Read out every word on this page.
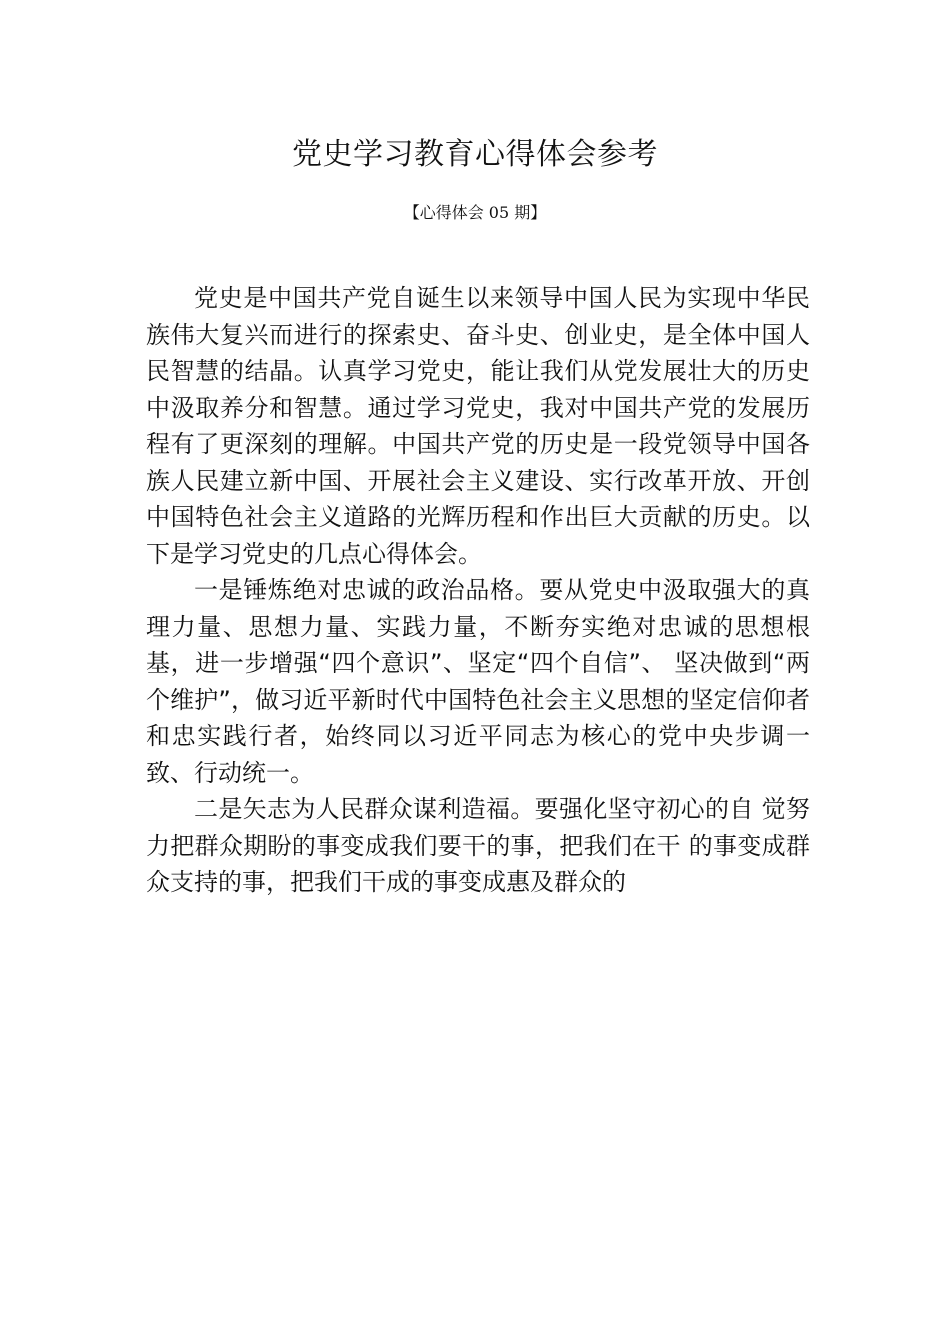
党史学习教育心得体会参考
【心得体会 05 期】

党史是中国共产党自诞生以来领导中国人民为实现中华民族伟大复兴而进行的探索史、奋斗史、创业史，是全体中国人民智慧的结晶。认真学习党史，能让我们从党发展壮大的历史中汲取养分和智慧。通过学习党史，我对中国共产党的发展历程有了更深刻的理解。中国共产党的历史是一段党领导中国各族人民建立新中国、开展社会主义建设、实行改革开放、开创中国特色社会主义道路的光辉历程和作出巨大贡献的历史。以下是学习党史的几点心得体会。

一是锤炼绝对忠诚的政治品格。要从党史中汲取强大的真理力量、思想力量、实践力量，不断夯实绝对忠诚的思想根基，进一步增强“四个意识”、坚定“四个自信”、 坚决做到“两个维护”，做习近平新时代中国特色社会主义思想的坚定信仰者和忠实践行者，始终同以习近平同志为核心的党中央步调一致、行动统一。

二是矢志为人民群众谋利造福。要强化坚守初心的自 觉努力把群众期盼的事变成我们要干的事，把我们在干 的事变成群众支持的事，把我们干成的事变成惠及群众的
